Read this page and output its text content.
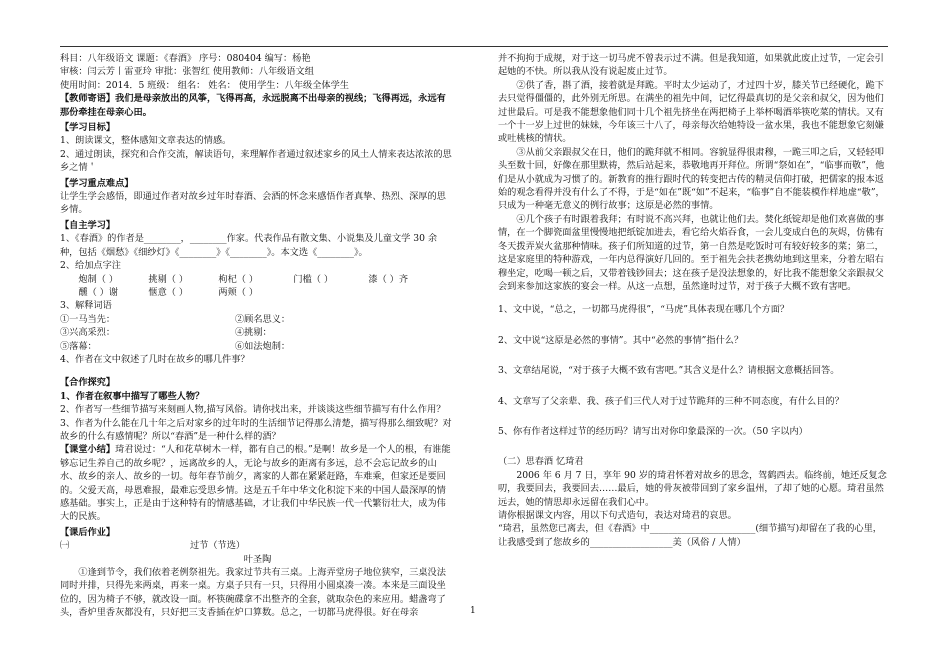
科目：八年级语文 课题：《春酒》 序号：080404 编写：杨艳

审核：闫云芳丨雷亚玲 审批：张智红 使用教师：八年级语文组

使用时间：2014．5 班级： 组名： 姓名： 使用学生：八年级全体学生

【教师寄语】我们是母亲放出的风筝，飞得再高，永远脱离不出母亲的视线；飞得再远，永远有那份牵挂在母亲心田。

【学习目标】

1、朗读课文，整体感知文章表达的情感。

2、通过朗读，探究和合作交流，解读语句，来理解作者通过叙述家乡的风土人情来表达浓浓的思乡之情＇

【学习重点难点】

让学生学会感悟，即通过作者对故乡过年时春酒、会酒的怀念来感悟作者真挚、热烈、深厚的思乡情。

【自主学习】

1、《春酒》的作者是________，________作家。代表作品有散文集、小说集及儿童文学 30 余种，包括《烟愁》《细纱灯》《________》《________》。本文选《________》。

2、给加点字注

炮制（ ）	挑剔（ ）	枸杞（ ）	门槛（ ）	漆（ ）齐
醺（ ）谢	惬意（ ）	两颊（ ）

3、解释词语

①一马当先：	②顾名思义：
③兴高采烈：	④挑剔：
⑤落幕：	⑥如法炮制：

4、作者在文中叙述了几时在故乡的哪几件事？

【合作探究】

1、作者在叙事中描写了哪些人物？

2、作者写一些细节描写来刻画人物,描写风俗。请你找出来，并谈谈这些细节描写有什么作用？

3、作者为什么能在几十年之后对家乡的过年时的生活细节记得那么清楚，描写得那么细致呢？对故乡的什么有感情呢？所以“春酒”是一种什么样的酒？

【课堂小结】琦君说过：“人和花草树木一样，都有自己的根。”是啊！故乡是一个人的根，有谁能够忘记生养自己的故乡呢？，远离故乡的人，无论与故乡的距离有多远，总不会忘记故乡的山水、故乡的亲人、故乡的一切。每年春节前夕，离家的人都在紧紧赶路，车难乘，但家还是要回的。父爱天高，母恩难报，最难忘受思乡情。这是五千年中华文化积淀下来的中国人最深厚的情感基础。事实上，正是由于这种特有的情感基础，才让我们中华民族一代一代繁衍壮大，成为伟大的民族。

【课后作业】

㈠	过节（节选）

叶圣陶

①逢到节令，我们依着老例祭祖先。我家过节共有三桌。上海弄堂房子地位狭窄，三桌没法同时并排，只得先来两桌，再来一桌。方桌子只有一只，只得用小圆桌凑一凑。本来是三面设坐位的，因为椅子不够，就改设一面。杯筷碗碟拿不出整齐的全套，就取杂色的来应用。蜡盏弯了头，香炉里香灰都没有，只好把三支香插在炉口算数。总之，一切都马虎得很。好在母亲

并不拘拘于成规，对于这一切马虎不曾表示过不满。但是我知道，如果就此废止过节，一定会引起她的不快。所以我从没有说起废止过节。

②供了香，斟了酒，接着就是拜跪。平时太少运动了，才过四十岁，膝关节已经硬化，跪下去只觉得僵僵的，此外别无所思。在满坐的祖先中间，记忆得最真切的是父亲和叔父，因为他们过世最后。可是我不能想象他们同十几个祖先挤坐在两把椅子上举杯喝酒举筷吃菜的情状。又有一个十一岁上过世的妹妹，今年该三十八了，母亲每次给她特设一盆水果，我也不能想象它刻嫌或吐桃核的情状。

③从前父亲跟叔父在日，他们的跪拜就不相同。容貌显得很肃穆，一跪三叩之后，又轻轻叩头至数十回，好像在那里默祷，然后站起来，恭敬地再开拜位。所谓“祭如在”，“临事而敬”，他们是从小就成为习惯了的。新教育的推行跟时代的转变把古传的精灵信仰打破，把儒家的报本返始的观念看得并没有什么了不得，于是“如在”既“如”不起来，“临事”自不能装模作样地虚“敬”，只成为一种毫无意义的例行故事；这原是必然的事情。

④几个孩子有时跟着我拜；有时说不高兴拜，也就让他们去。焚化纸锭却是他们欢喜做的事情，在一个脚瓷面盆里慢慢地把纸锭加进去，看它给火焰吞食，一会儿变成白色的灰烬，仿佛有冬天拨弄炭火盆那种情味。孩子们所知道的过节，第一自然是吃饭时可有较好较多的菜；第二，这是家庭里的特种游戏，一年内总得演好几回的。至于祖先会扶老携幼地到这里来，分着左昭右穆坐定，吃喝一顿之后，又带着钱钞回去；这在孩子是没法想象的，好比我不能想象父亲跟叔父会到来参加这家族的宴会一样。从这一点想，虽然逢时过节，对于孩子大概不致有害吧。

1、文中说，“总之，一切都马虎得很”，“马虎”具体表现在哪几个方面？

2、文中说“这原是必然的事情”。其中“必然的事情”指什么？

3、文章结尾说，“对于孩子大概不致有害吧。”其含义是什么？请根据文意概括回答。

4、文章写了父亲辈、我、孩子们三代人对于过节跪拜的三种不同态度，有什么目的？

5、你有作者这样过节的经历吗？请写出对你印象最深的一次。（50 字以内）

（二）思春酒 忆琦君

2006 年 6 月 7 日，享年 90 岁的琦君怀着对故乡的思念，驾鹤西去。临终前，她还反复念叨，我要回去，我要回去……最后，她的骨灰被带回到了家乡温州，了却了她的心愿。琦君虽然远去，她的情思却永远留在我们心中。

请你根据课文内容，用以下句式造句，表达对琦君的哀思。

“琦君，虽然您已离去，但《春酒》中_______________________(细节描写)却留在了我的心里，让我感受到了您故乡的__________________美（风俗 / 人情）

1
